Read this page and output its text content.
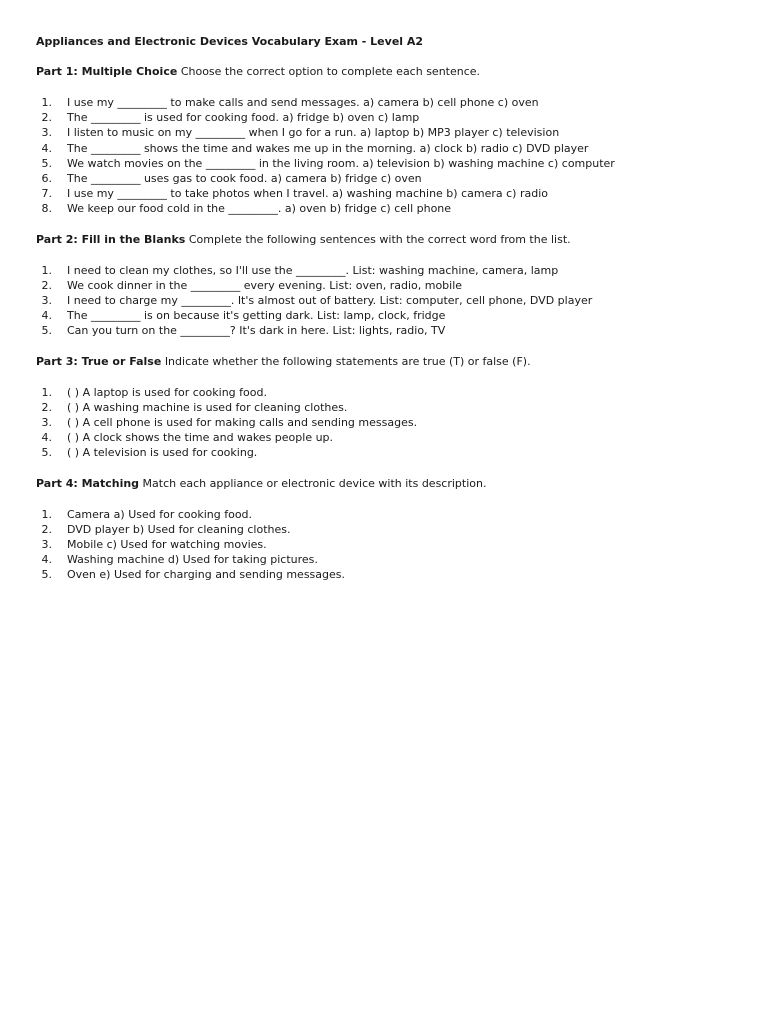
Appliances and Electronic Devices Vocabulary Exam - Level A2
Part 1: Multiple Choice Choose the correct option to complete each sentence.
1. I use my _________ to make calls and send messages. a) camera b) cell phone c) oven
2. The _________ is used for cooking food. a) fridge b) oven c) lamp
3. I listen to music on my _________ when I go for a run. a) laptop b) MP3 player c) television
4. The _________ shows the time and wakes me up in the morning. a) clock b) radio c) DVD player
5. We watch movies on the _________ in the living room. a) television b) washing machine c) computer
6. The _________ uses gas to cook food. a) camera b) fridge c) oven
7. I use my _________ to take photos when I travel. a) washing machine b) camera c) radio
8. We keep our food cold in the _________. a) oven b) fridge c) cell phone
Part 2: Fill in the Blanks Complete the following sentences with the correct word from the list.
1. I need to clean my clothes, so I'll use the _________. List: washing machine, camera, lamp
2. We cook dinner in the _________ every evening. List: oven, radio, mobile
3. I need to charge my _________. It's almost out of battery. List: computer, cell phone, DVD player
4. The _________ is on because it's getting dark. List: lamp, clock, fridge
5. Can you turn on the _________? It's dark in here. List: lights, radio, TV
Part 3: True or False Indicate whether the following statements are true (T) or false (F).
1. ( ) A laptop is used for cooking food.
2. ( ) A washing machine is used for cleaning clothes.
3. ( ) A cell phone is used for making calls and sending messages.
4. ( ) A clock shows the time and wakes people up.
5. ( ) A television is used for cooking.
Part 4: Matching Match each appliance or electronic device with its description.
1. Camera a) Used for cooking food.
2. DVD player b) Used for cleaning clothes.
3. Mobile c) Used for watching movies.
4. Washing machine d) Used for taking pictures.
5. Oven e) Used for charging and sending messages.
